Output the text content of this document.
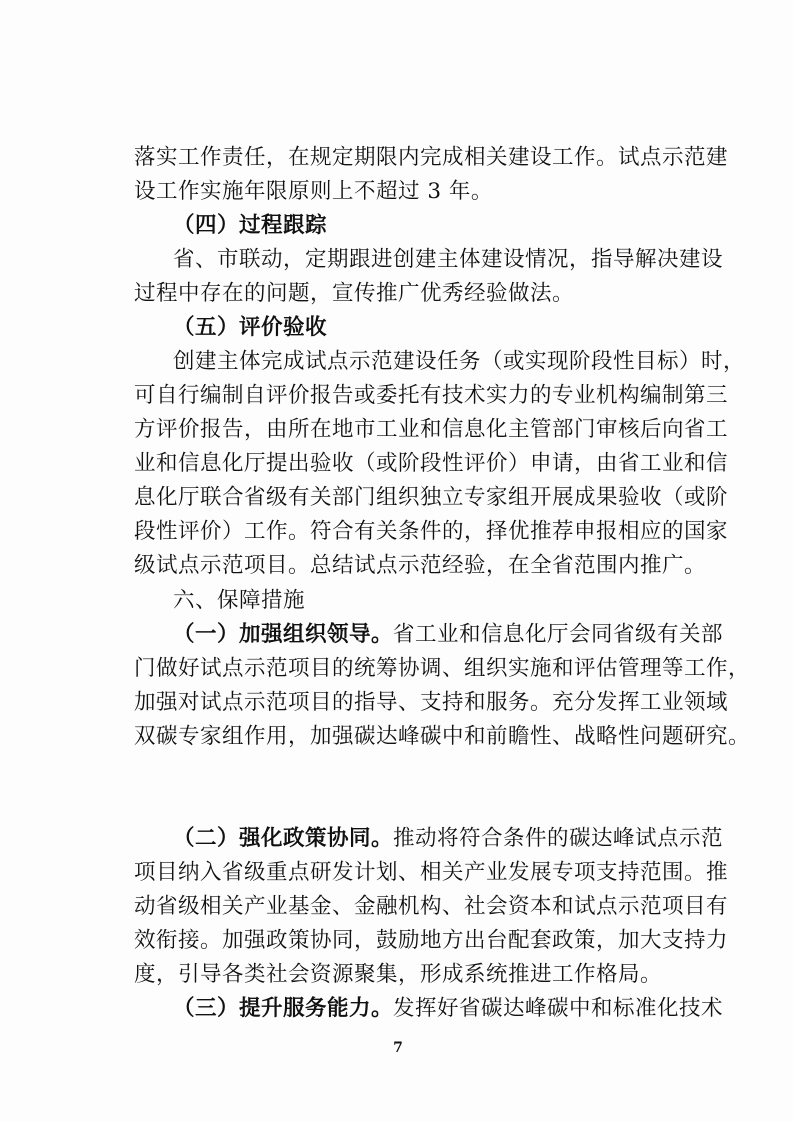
落实工作责任，在规定期限内完成相关建设工作。试点示范建
设工作实施年限原则上不超过 3 年。
（四）过程跟踪
省、市联动，定期跟进创建主体建设情况，指导解决建设
过程中存在的问题，宣传推广优秀经验做法。
（五）评价验收
创建主体完成试点示范建设任务（或实现阶段性目标）时，
可自行编制自评价报告或委托有技术实力的专业机构编制第三
方评价报告，由所在地市工业和信息化主管部门审核后向省工
业和信息化厅提出验收（或阶段性评价）申请，由省工业和信
息化厅联合省级有关部门组织独立专家组开展成果验收（或阶
段性评价）工作。符合有关条件的，择优推荐申报相应的国家
级试点示范项目。总结试点示范经验，在全省范围内推广。
六、保障措施
（一）加强组织领导。省工业和信息化厅会同省级有关部
门做好试点示范项目的统筹协调、组织实施和评估管理等工作，
加强对试点示范项目的指导、支持和服务。充分发挥工业领域
双碳专家组作用，加强碳达峰碳中和前瞻性、战略性问题研究。
7
（二）强化政策协同。推动将符合条件的碳达峰试点示范
项目纳入省级重点研发计划、相关产业发展专项支持范围。推
动省级相关产业基金、金融机构、社会资本和试点示范项目有
效衔接。加强政策协同，鼓励地方出台配套政策，加大支持力
度，引导各类社会资源聚集，形成系统推进工作格局。
（三）提升服务能力。发挥好省碳达峰碳中和标准化技术
